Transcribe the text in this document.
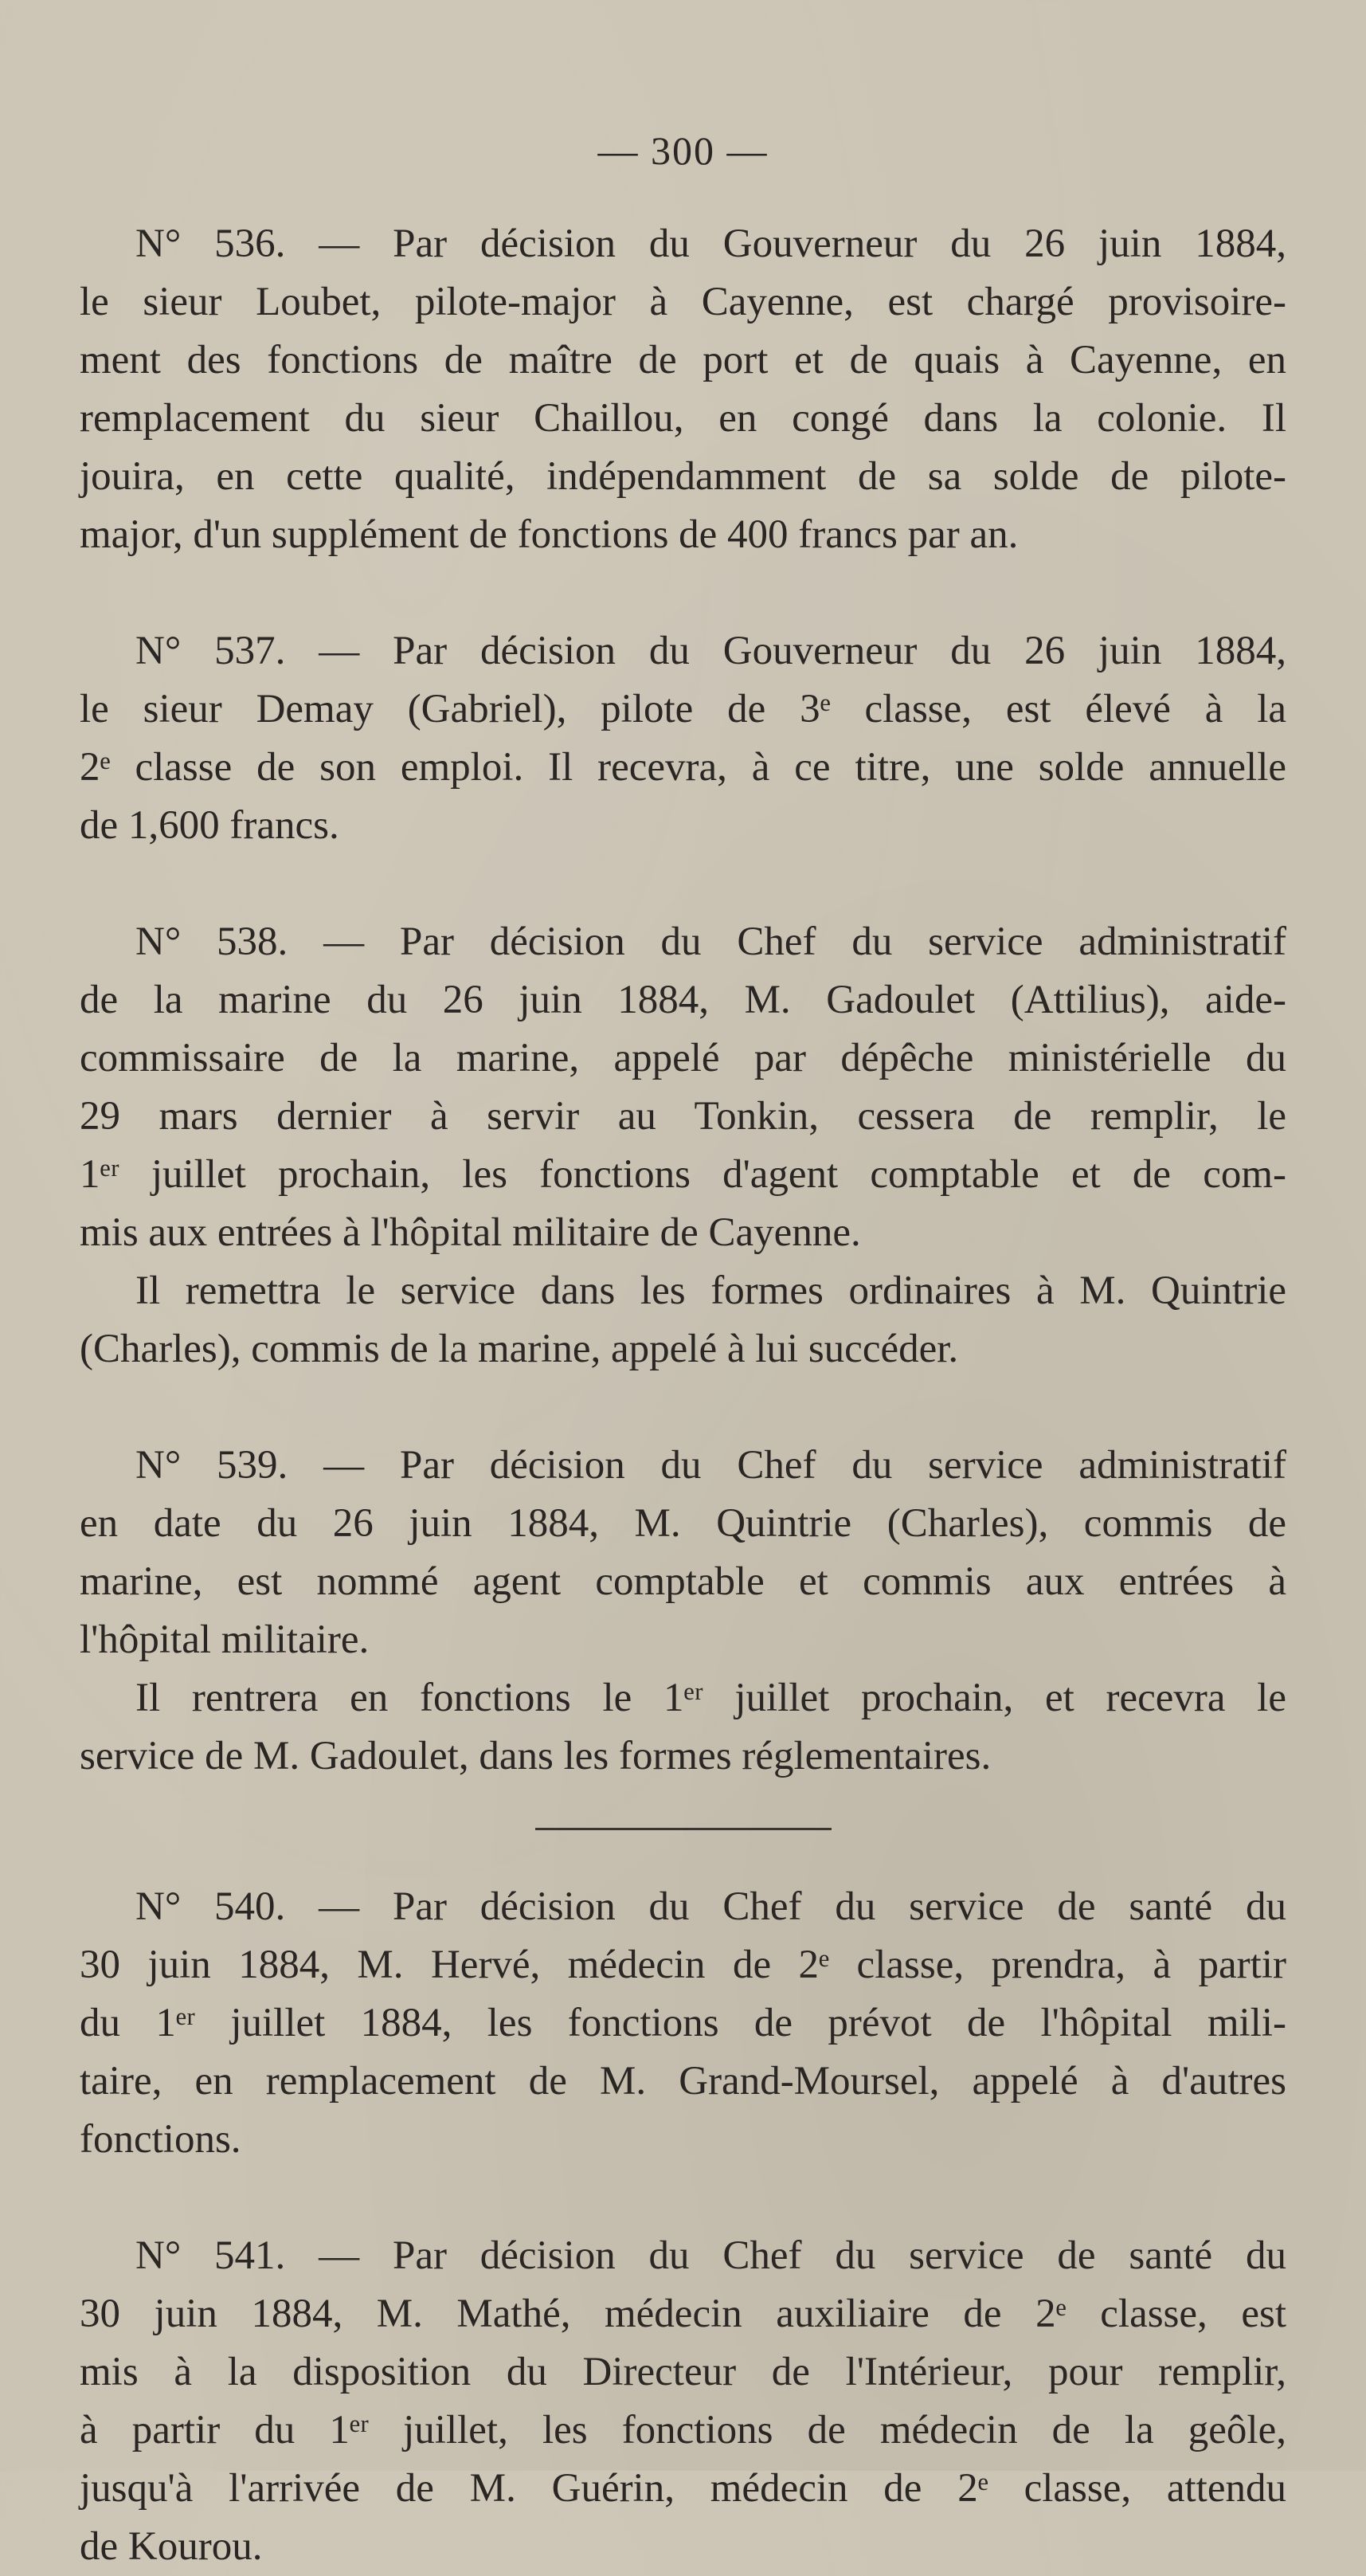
— 300 —

N° 536. — Par décision du Gouverneur du 26 juin 1884,
le sieur Loubet, pilote-major à Cayenne, est chargé provisoire-
ment des fonctions de maître de port et de quais à Cayenne, en
remplacement du sieur Chaillou, en congé dans la colonie. Il
jouira, en cette qualité, indépendamment de sa solde de pilote-
major, d'un supplément de fonctions de 400 francs par an.

N° 537. — Par décision du Gouverneur du 26 juin 1884,
le sieur Demay (Gabriel), pilote de 3ᵉ classe, est élevé à la
2ᵉ classe de son emploi. Il recevra, à ce titre, une solde annuelle
de 1,600 francs.

N° 538. — Par décision du Chef du service administratif
de la marine du 26 juin 1884, M. Gadoulet (Attilius), aide-
commissaire de la marine, appelé par dépêche ministérielle du
29 mars dernier à servir au Tonkin, cessera de remplir, le
1ᵉʳ juillet prochain, les fonctions d'agent comptable et de com-
mis aux entrées à l'hôpital militaire de Cayenne.

Il remettra le service dans les formes ordinaires à M. Quintrie
(Charles), commis de la marine, appelé à lui succéder.

N° 539. — Par décision du Chef du service administratif
en date du 26 juin 1884, M. Quintrie (Charles), commis de
marine, est nommé agent comptable et commis aux entrées à
l'hôpital militaire.

Il rentrera en fonctions le 1ᵉʳ juillet prochain, et recevra le
service de M. Gadoulet, dans les formes réglementaires.

N° 540. — Par décision du Chef du service de santé du
30 juin 1884, M. Hervé, médecin de 2ᵉ classe, prendra, à partir
du 1ᵉʳ juillet 1884, les fonctions de prévot de l'hôpital mili-
taire, en remplacement de M. Grand-Moursel, appelé à d'autres
fonctions.

N° 541. — Par décision du Chef du service de santé du
30 juin 1884, M. Mathé, médecin auxiliaire de 2ᵉ classe, est
mis à la disposition du Directeur de l'Intérieur, pour remplir,
à partir du 1ᵉʳ juillet, les fonctions de médecin de la geôle,
jusqu'à l'arrivée de M. Guérin, médecin de 2ᵉ classe, attendu
de Kourou.
